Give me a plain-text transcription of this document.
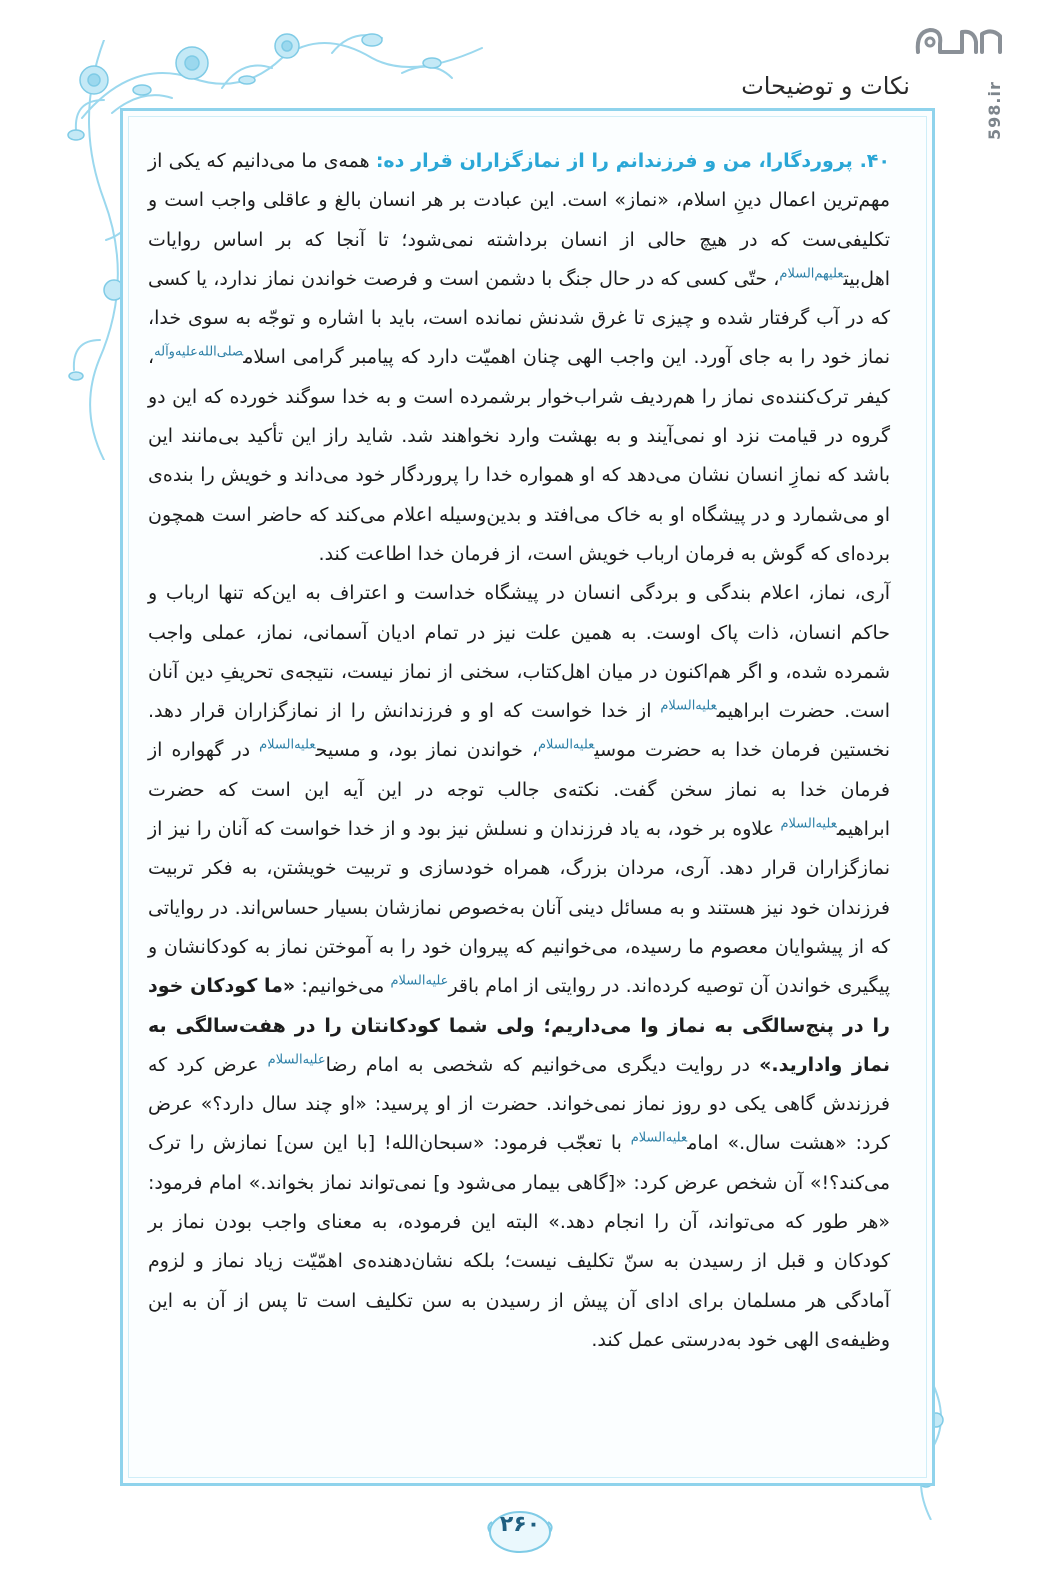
598.ir
نکات و توضیحات

۴۰. پروردگارا، من و فرزندانم را از نمازگزاران قرار ده: همه‌ی ما می‌دانیم که یکی از مهم‌ترین اعمال دینِ اسلام، «نماز» است. این عبادت بر هر انسان بالغ و عاقلی واجب است و تکلیفی‌ست که در هیچ حالی از انسان برداشته نمی‌شود؛ تا آنجا که بر اساس روایات اهل‌بیت$^{علیهم‌السلام}$، حتّی کسی که در حال جنگ با دشمن است و فرصت خواندن نماز ندارد، یا کسی که در آب گرفتار شده و چیزی تا غرق شدنش نمانده است، باید با اشاره و توجّه به سوی خدا، نماز خود را به جای آورد. این واجب الهی چنان اهمیّت دارد که پیامبر گرامی اسلام$^{صلی‌الله‌علیه‌وآله}$، کیفر ترک‌کننده‌ی نماز را هم‌ردیف شراب‌خوار برشمرده است و به خدا سوگند خورده که این دو گروه در قیامت نزد او نمی‌آیند و به بهشت وارد نخواهند شد. شاید راز این تأکید بی‌مانند این باشد که نمازِ انسان نشان می‌دهد که او همواره خدا را پروردگار خود می‌داند و خویش را بنده‌ی او می‌شمارد و در پیشگاه او به خاک می‌افتد و بدین‌وسیله اعلام می‌کند که حاضر است همچون برده‌ای که گوش به فرمان ارباب خویش است، از فرمان خدا اطاعت کند.

آری، نماز، اعلام بندگی و بردگی انسان در پیشگاه خداست و اعتراف به این‌که تنها ارباب و حاکم انسان، ذات پاک اوست. به همین علت نیز در تمام ادیان آسمانی، نماز، عملی واجب شمرده شده، و اگر هم‌اکنون در میان اهل‌کتاب، سخنی از نماز نیست، نتیجه‌ی تحریفِ دین آنان است. حضرت ابراهیم$^{علیه‌السلام}$ از خدا خواست که او و فرزندانش را از نمازگزاران قرار دهد. نخستین فرمان خدا به حضرت موسی$^{علیه‌السلام}$، خواندن نماز بود، و مسیح$^{علیه‌السلام}$ در گهواره از فرمان خدا به نماز سخن گفت. نکته‌ی جالب توجه در این آیه این است که حضرت ابراهیم$^{علیه‌السلام}$ علاوه بر خود، به یاد فرزندان و نسلش نیز بود و از خدا خواست که آنان را نیز از نمازگزاران قرار دهد. آری، مردان بزرگ، همراه خودسازی و تربیت خویشتن، به فکر تربیت فرزندان خود نیز هستند و به مسائل دینی آنان به‌خصوص نمازشان بسیار حساس‌اند. در روایاتی که از پیشوایان معصوم ما رسیده، می‌خوانیم که پیروان خود را به آموختن نماز به کودکانشان و پیگیری خواندن آن توصیه کرده‌اند. در روایتی از امام باقر$^{علیه‌السلام}$ می‌خوانیم: «ما کودکان خود را در پنج‌سالگی به نماز وا می‌داریم؛ ولی شما کودکانتان را در هفت‌سالگی به نماز وادارید.» در روایت دیگری می‌خوانیم که شخصی به امام رضا$^{علیه‌السلام}$ عرض کرد که فرزندش گاهی یکی دو روز نماز نمی‌خواند. حضرت از او پرسید: «او چند سال دارد؟» عرض کرد: «هشت سال.» امام$^{علیه‌السلام}$ با تعجّب فرمود: «سبحان‌الله! [با این سن] نمازش را ترک می‌کند؟!» آن شخص عرض کرد: «[گاهی بیمار می‌شود و] نمی‌تواند نماز بخواند.» امام فرمود: «هر طور که می‌تواند، آن را انجام دهد.» البته این فرموده، به معنای واجب بودن نماز بر کودکان و قبل از رسیدن به سنّ تکلیف نیست؛ بلکه نشان‌دهنده‌ی اهمّیّت زیاد نماز و لزوم آمادگی هر مسلمان برای ادای آن پیش از رسیدن به سن تکلیف است تا پس از آن به این وظیفه‌ی الهی خود به‌درستی عمل کند.

۲۶۰
